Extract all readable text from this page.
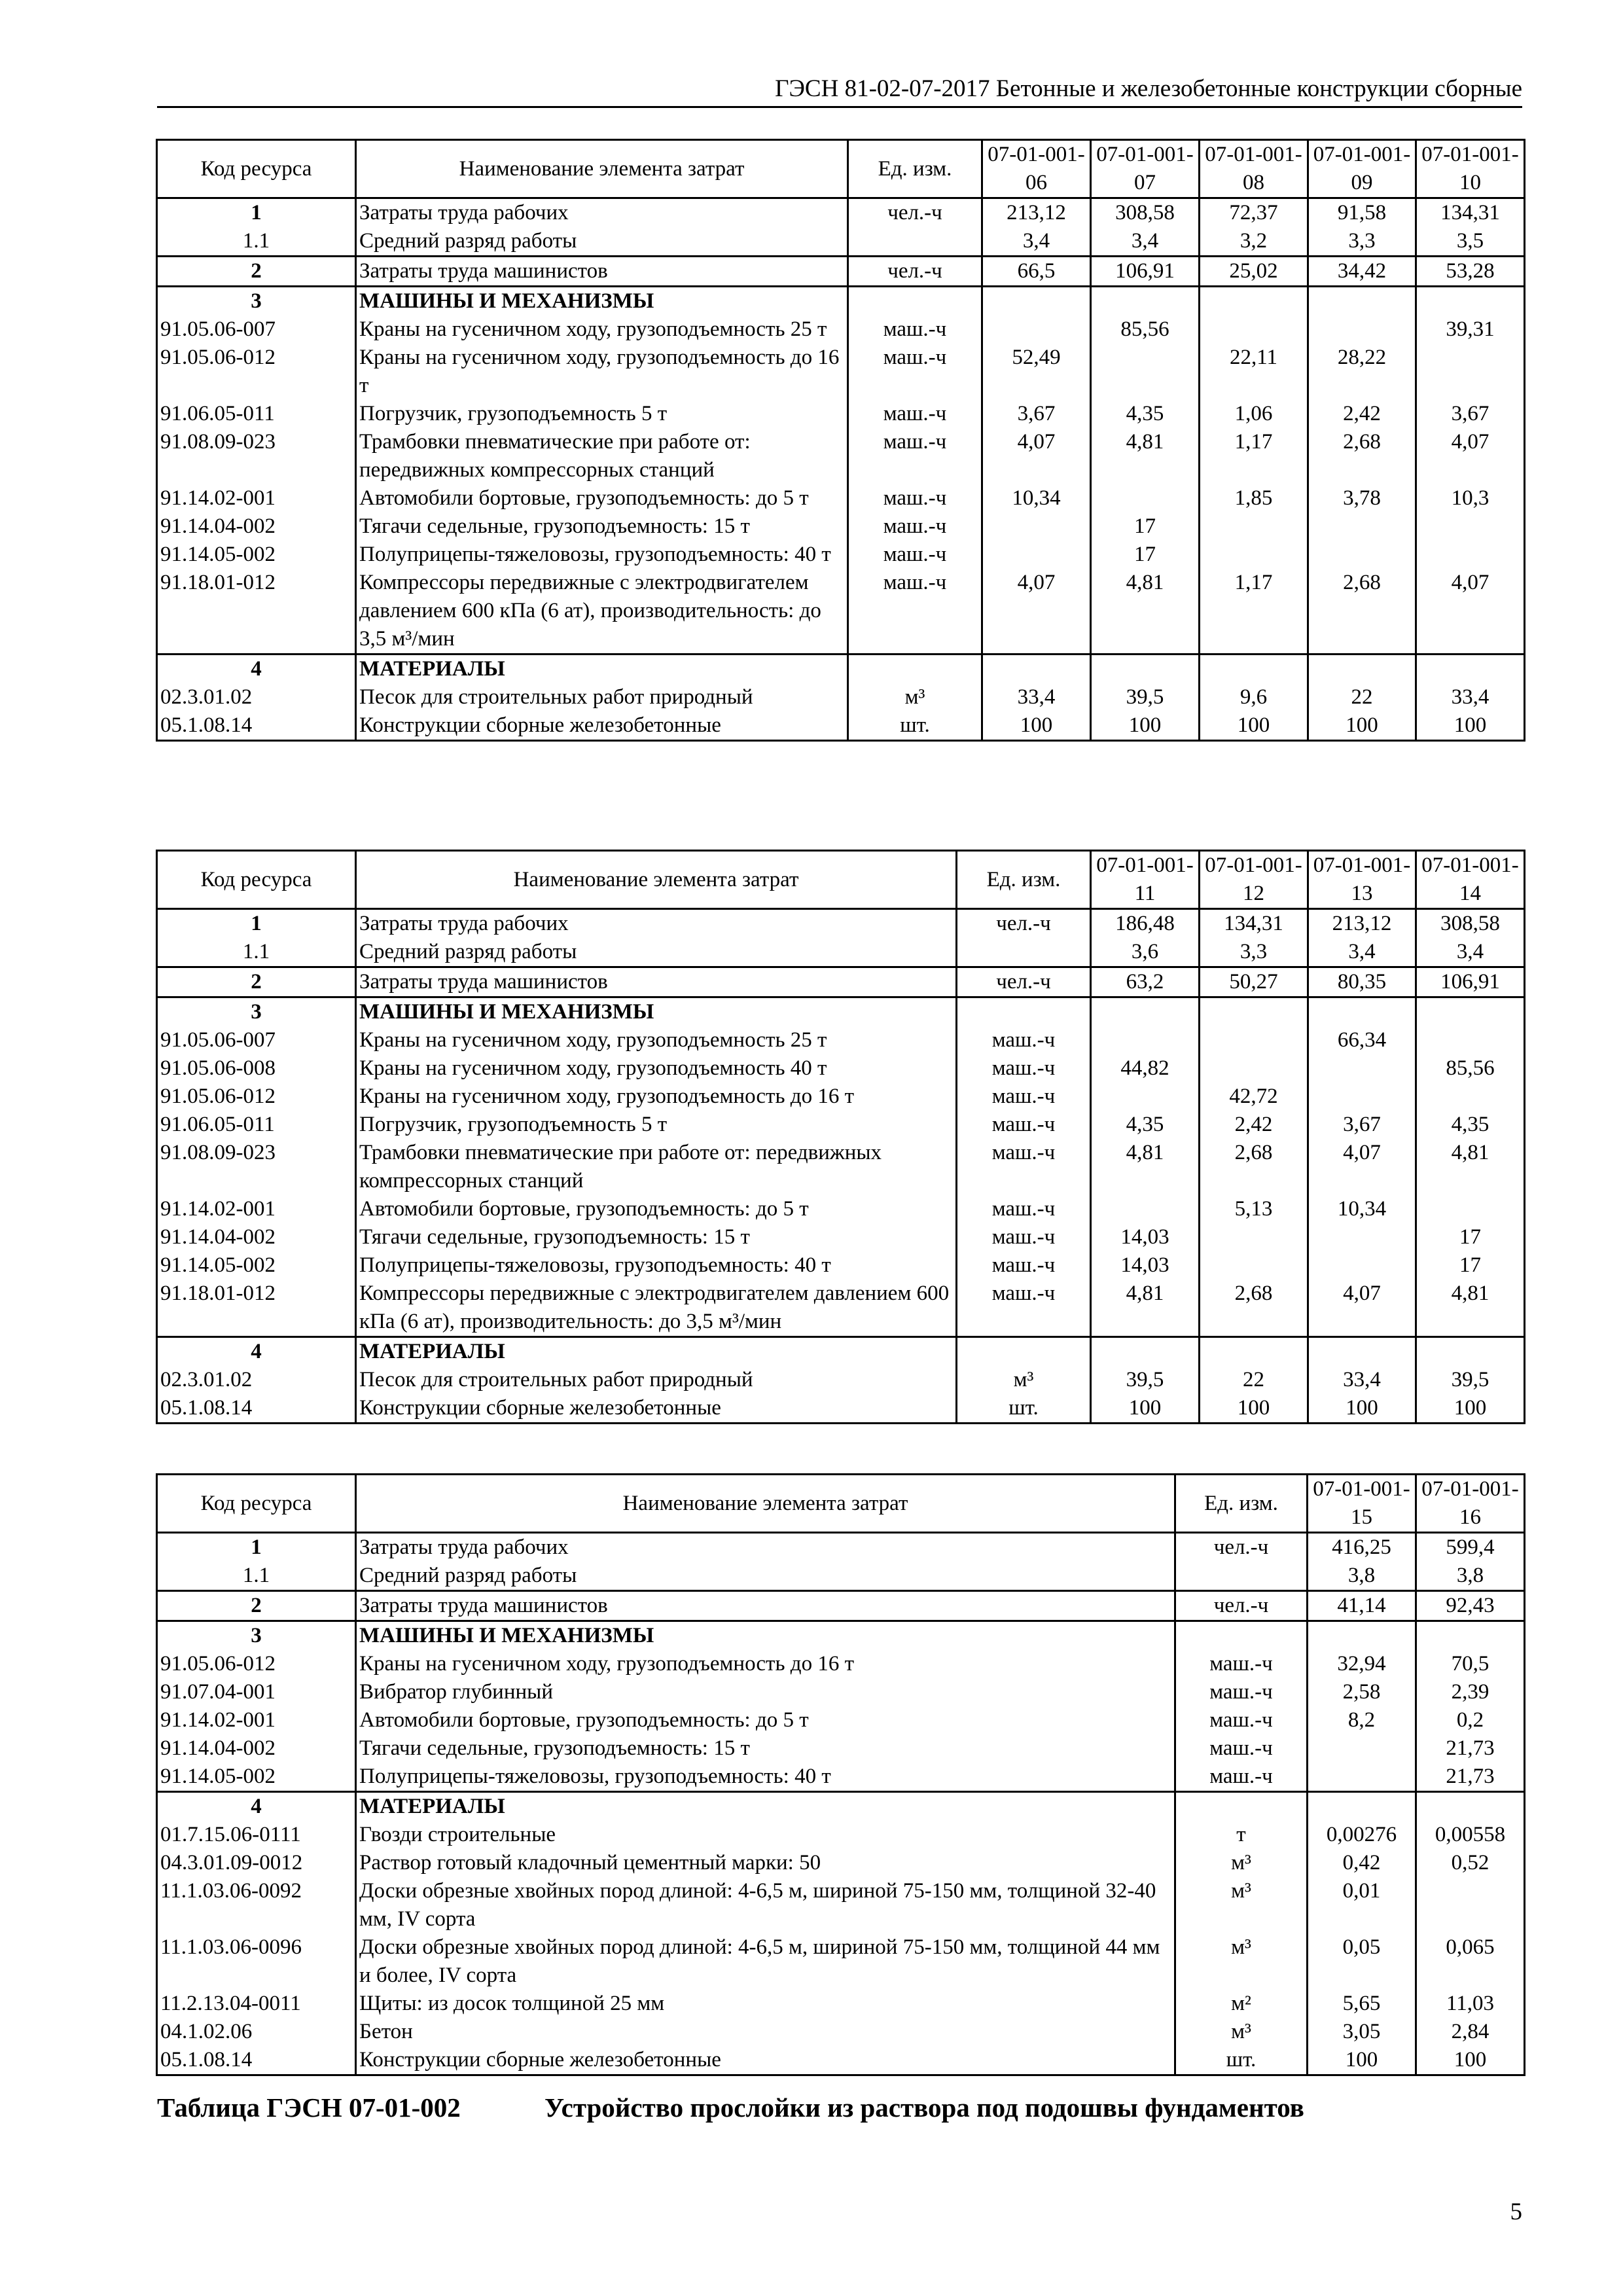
ГЭСН 81-02-07-2017 Бетонные и железобетонные конструкции сборные
Код ресурса	Наименование элемента затрат	Ед. изм.	07-01-001-06	07-01-001-07	07-01-001-08	07-01-001-09	07-01-001-10
1	Затраты труда рабочих	чел.-ч	213,12	308,58	72,37	91,58	134,31
1.1	Средний разряд работы		3,4	3,4	3,2	3,3	3,5
2	Затраты труда машинистов	чел.-ч	66,5	106,91	25,02	34,42	53,28
3	МАШИНЫ И МЕХАНИЗМЫ						
91.05.06-007	Краны на гусеничном ходу, грузоподъемность 25 т	маш.-ч		85,56			39,31
91.05.06-012	Краны на гусеничном ходу, грузоподъемность до 16 т	маш.-ч	52,49		22,11	28,22	
91.06.05-011	Погрузчик, грузоподъемность 5 т	маш.-ч	3,67	4,35	1,06	2,42	3,67
91.08.09-023	Трамбовки пневматические при работе от: передвижных компрессорных станций	маш.-ч	4,07	4,81	1,17	2,68	4,07
91.14.02-001	Автомобили бортовые, грузоподъемность: до 5 т	маш.-ч	10,34		1,85	3,78	10,3
91.14.04-002	Тягачи седельные, грузоподъемность: 15 т	маш.-ч		17			
91.14.05-002	Полуприцепы-тяжеловозы, грузоподъемность: 40 т	маш.-ч		17			
91.18.01-012	Компрессоры передвижные с электродвигателем давлением 600 кПа (6 ат), производительность: до 3,5 м³/мин	маш.-ч	4,07	4,81	1,17	2,68	4,07
4	МАТЕРИАЛЫ						
02.3.01.02	Песок для строительных работ природный	м³	33,4	39,5	9,6	22	33,4
05.1.08.14	Конструкции сборные железобетонные	шт.	100	100	100	100	100
Код ресурса	Наименование элемента затрат	Ед. изм.	07-01-001-11	07-01-001-12	07-01-001-13	07-01-001-14
1	Затраты труда рабочих	чел.-ч	186,48	134,31	213,12	308,58
1.1	Средний разряд работы		3,6	3,3	3,4	3,4
2	Затраты труда машинистов	чел.-ч	63,2	50,27	80,35	106,91
3	МАШИНЫ И МЕХАНИЗМЫ					
91.05.06-007	Краны на гусеничном ходу, грузоподъемность 25 т	маш.-ч			66,34	
91.05.06-008	Краны на гусеничном ходу, грузоподъемность 40 т	маш.-ч	44,82			85,56
91.05.06-012	Краны на гусеничном ходу, грузоподъемность до 16 т	маш.-ч		42,72		
91.06.05-011	Погрузчик, грузоподъемность 5 т	маш.-ч	4,35	2,42	3,67	4,35
91.08.09-023	Трамбовки пневматические при работе от: передвижных компрессорных станций	маш.-ч	4,81	2,68	4,07	4,81
91.14.02-001	Автомобили бортовые, грузоподъемность: до 5 т	маш.-ч		5,13	10,34	
91.14.04-002	Тягачи седельные, грузоподъемность: 15 т	маш.-ч	14,03			17
91.14.05-002	Полуприцепы-тяжеловозы, грузоподъемность: 40 т	маш.-ч	14,03			17
91.18.01-012	Компрессоры передвижные с электродвигателем давлением 600 кПа (6 ат), производительность: до 3,5 м³/мин	маш.-ч	4,81	2,68	4,07	4,81
4	МАТЕРИАЛЫ					
02.3.01.02	Песок для строительных работ природный	м³	39,5	22	33,4	39,5
05.1.08.14	Конструкции сборные железобетонные	шт.	100	100	100	100
Код ресурса	Наименование элемента затрат	Ед. изм.	07-01-001-15	07-01-001-16
1	Затраты труда рабочих	чел.-ч	416,25	599,4
1.1	Средний разряд работы		3,8	3,8
2	Затраты труда машинистов	чел.-ч	41,14	92,43
3	МАШИНЫ И МЕХАНИЗМЫ			
91.05.06-012	Краны на гусеничном ходу, грузоподъемность до 16 т	маш.-ч	32,94	70,5
91.07.04-001	Вибратор глубинный	маш.-ч	2,58	2,39
91.14.02-001	Автомобили бортовые, грузоподъемность: до 5 т	маш.-ч	8,2	0,2
91.14.04-002	Тягачи седельные, грузоподъемность: 15 т	маш.-ч		21,73
91.14.05-002	Полуприцепы-тяжеловозы, грузоподъемность: 40 т	маш.-ч		21,73
4	МАТЕРИАЛЫ			
01.7.15.06-0111	Гвозди строительные	т	0,00276	0,00558
04.3.01.09-0012	Раствор готовый кладочный цементный марки: 50	м³	0,42	0,52
11.1.03.06-0092	Доски обрезные хвойных пород длиной: 4-6,5 м, шириной 75-150 мм, толщиной 32-40 мм, IV сорта	м³	0,01	
11.1.03.06-0096	Доски обрезные хвойных пород длиной: 4-6,5 м, шириной 75-150 мм, толщиной 44 мм и более, IV сорта	м³	0,05	0,065
11.2.13.04-0011	Щиты: из досок толщиной 25 мм	м²	5,65	11,03
04.1.02.06	Бетон	м³	3,05	2,84
05.1.08.14	Конструкции сборные железобетонные	шт.	100	100
Таблица ГЭСН 07-01-002	Устройство прослойки из раствора под подошвы фундаментов
5
